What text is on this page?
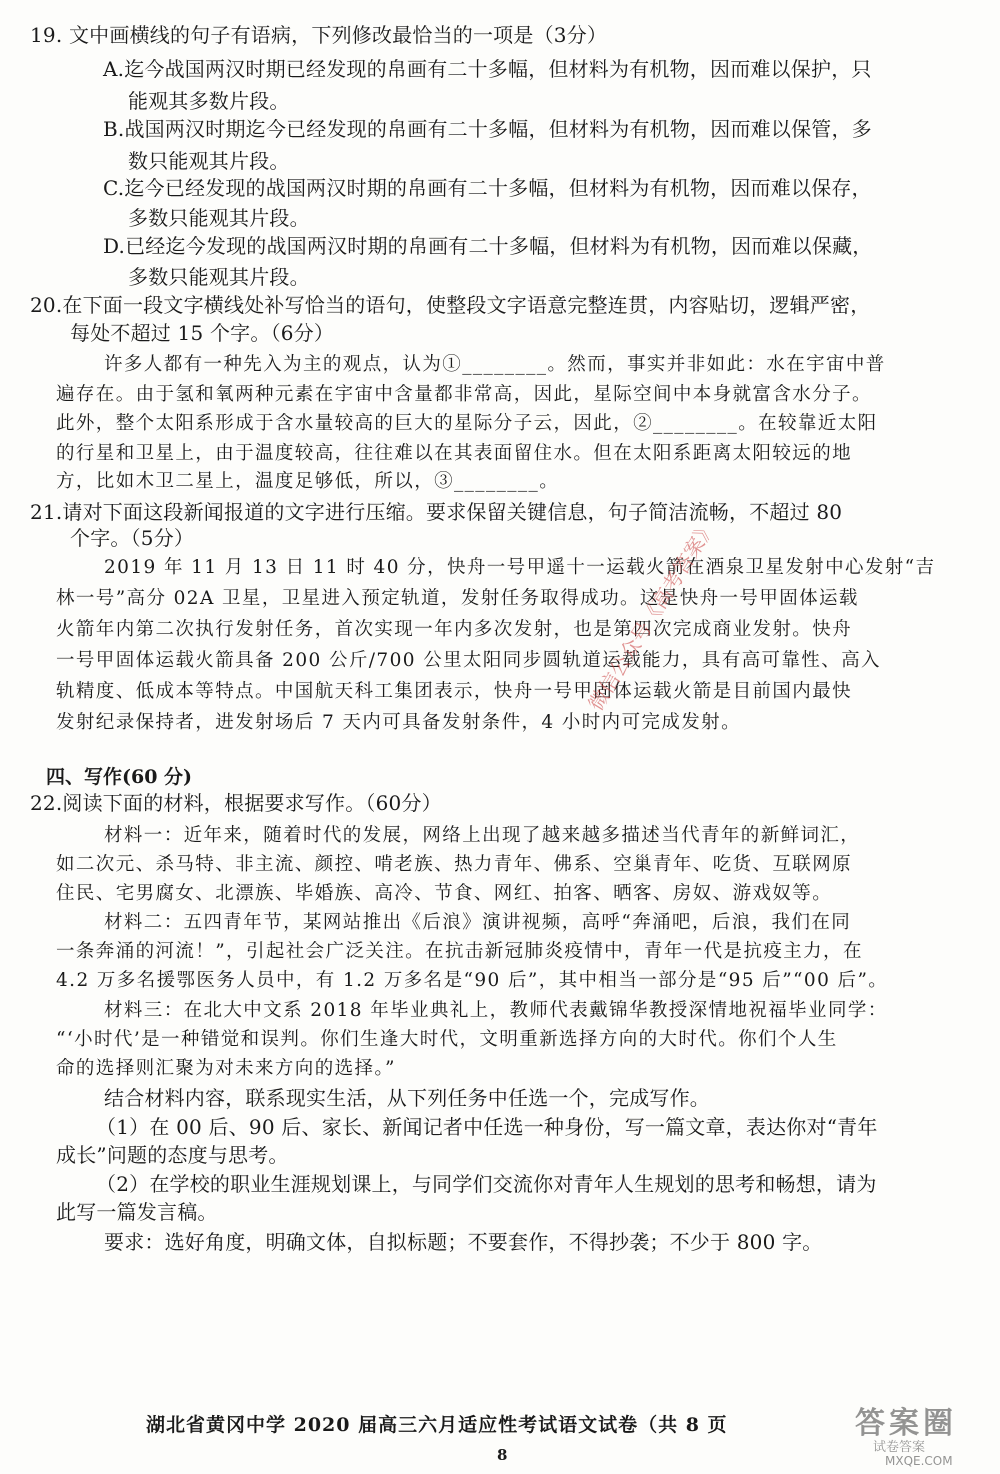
19. 文中画横线的句子有语病，下列修改最恰当的一项是（3分）
A.迄今战国两汉时期已经发现的帛画有二十多幅，但材料为有机物，因而难以保护，只
能观其多数片段。
B.战国两汉时期迄今已经发现的帛画有二十多幅，但材料为有机物，因而难以保管，多
数只能观其片段。
C.迄今已经发现的战国两汉时期的帛画有二十多幅，但材料为有机物，因而难以保存，
多数只能观其片段。
D.已经迄今发现的战国两汉时期的帛画有二十多幅，但材料为有机物，因而难以保藏，
多数只能观其片段。
20.在下面一段文字横线处补写恰当的语句，使整段文字语意完整连贯，内容贴切，逻辑严密，
每处不超过 15 个字。（6分）
许多人都有一种先入为主的观点，认为①________。然而，事实并非如此：水在宇宙中普
遍存在。由于氢和氧两种元素在宇宙中含量都非常高，因此，星际空间中本身就富含水分子。
此外，整个太阳系形成于含水量较高的巨大的星际分子云，因此，②________。在较靠近太阳
的行星和卫星上，由于温度较高，往往难以在其表面留住水。但在太阳系距离太阳较远的地
方，比如木卫二星上，温度足够低，所以，③________。
21.请对下面这段新闻报道的文字进行压缩。要求保留关键信息，句子简洁流畅，不超过 80
个字。（5分）
2019 年 11 月 13 日 11 时 40 分，快舟一号甲遥十一运载火箭在酒泉卫星发射中心发射“吉
林一号”高分 02A 卫星，卫星进入预定轨道，发射任务取得成功。这是快舟一号甲固体运载
火箭年内第二次执行发射任务，首次实现一年内多次发射，也是第四次完成商业发射。快舟
一号甲固体运载火箭具备 200 公斤/700 公里太阳同步圆轨道运载能力，具有高可靠性、高入
轨精度、低成本等特点。中国航天科工集团表示，快舟一号甲固体运载火箭是目前国内最快
发射纪录保持者，进发射场后 7 天内可具备发射条件，4 小时内可完成发射。
四、写作(60 分)
22.阅读下面的材料，根据要求写作。（60分）
材料一：近年来，随着时代的发展，网络上出现了越来越多描述当代青年的新鲜词汇，
如二次元、杀马特、非主流、颜控、啃老族、热力青年、佛系、空巢青年、吃货、互联网原
住民、宅男腐女、北漂族、毕婚族、高冷、节食、网红、拍客、晒客、房奴、游戏奴等。
材料二：五四青年节，某网站推出《后浪》演讲视频，高呼“奔涌吧，后浪，我们在同
一条奔涌的河流！”，引起社会广泛关注。在抗击新冠肺炎疫情中，青年一代是抗疫主力，在
4.2 万多名援鄂医务人员中，有 1.2 万多名是“90 后”，其中相当一部分是“95 后”“00 后”。
材料三：在北大中文系 2018 年毕业典礼上，教师代表戴锦华教授深情地祝福毕业同学：
“‘小时代’是一种错觉和误判。你们生逢大时代，文明重新选择方向的大时代。你们个人生
命的选择则汇聚为对未来方向的选择。”
结合材料内容，联系现实生活，从下列任务中任选一个，完成写作。
（1）在 00 后、90 后、家长、新闻记者中任选一种身份，写一篇文章，表达你对“青年
成长”问题的态度与思考。
（2）在学校的职业生涯规划课上，与同学们交流你对青年人生规划的思考和畅想，请为
此写一篇发言稿。
要求：选好角度，明确文体，自拟标题；不要套作，不得抄袭；不少于 800 字。
微信公众号《高考答案》
湖北省黄冈中学 2020 届高三六月适应性考试语文试卷（共 8 页	答案圈
试卷答案
MXQE.COM
8
